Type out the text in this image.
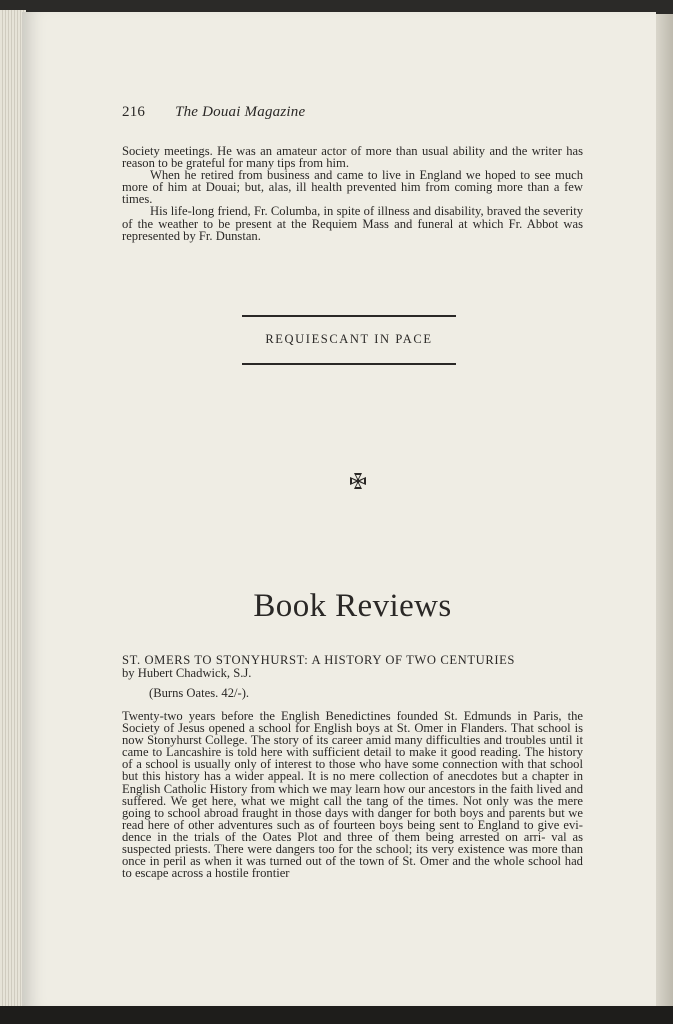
216 The Douai Magazine

Society meetings. He was an amateur actor of more than usual ability and the writer has reason to be grateful for many tips from him.

When he retired from business and came to live in England we hoped to see much more of him at Douai; but, alas, ill health prevented him from coming more than a few times.

His life-long friend, Fr. Columba, in spite of illness and disability, braved the severity of the weather to be present at the Requiem Mass and funeral at which Fr. Abbot was represented by Fr. Dunstan.

REQUIESCANT IN PACE
Book Reviews
ST. OMERS TO STONYHURST: A HISTORY OF TWO CENTURIES
by Hubert Chadwick, S.J.
(Burns Oates. 42/-).

Twenty-two years before the English Benedictines founded St. Edmunds in Paris, the Society of Jesus opened a school for English boys at St. Omer in Flanders. That school is now Stonyhurst College. The story of its career amid many difficulties and troubles until it came to Lancashire is told here with sufficient detail to make it good reading. The history of a school is usually only of interest to those who have some connection with that school but this history has a wider appeal. It is no mere collection of anecdotes but a chapter in English Catholic History from which we may learn how our ancestors in the faith lived and suffered. We get here, what we might call the tang of the times. Not only was the mere going to school abroad fraught in those days with danger for both boys and parents but we read here of other adventures such as of fourteen boys being sent to England to give evi- dence in the trials of the Oates Plot and three of them being arrested on arri- val as suspected priests. There were dangers too for the school; its very existence was more than once in peril as when it was turned out of the town of St. Omer and the whole school had to escape across a hostile frontier
